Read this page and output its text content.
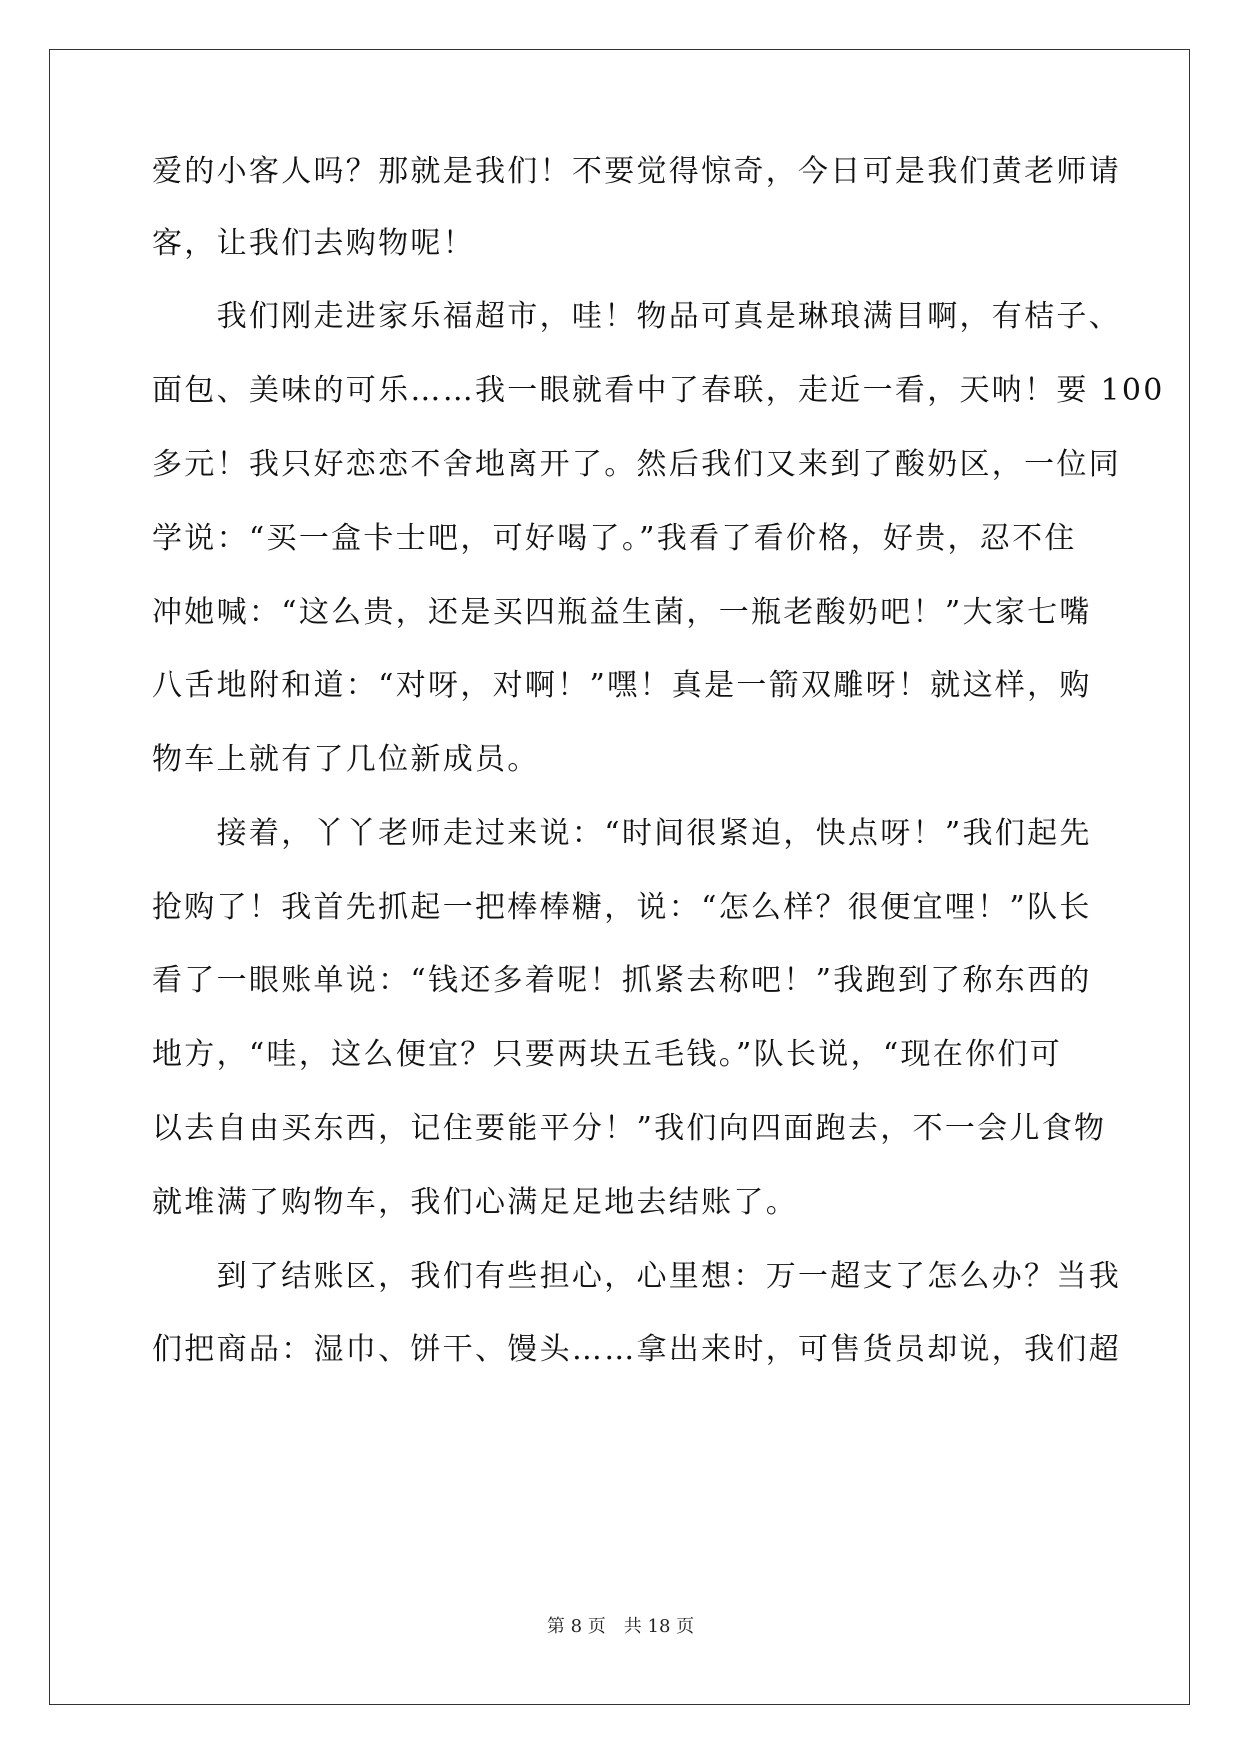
爱的小客人吗？那就是我们！不要觉得惊奇，今日可是我们黄老师请
客，让我们去购物呢！
　　我们刚走进家乐福超市，哇！物品可真是琳琅满目啊，有桔子、
面包、美味的可乐……我一眼就看中了春联，走近一看，天呐！要 100
多元！我只好恋恋不舍地离开了。然后我们又来到了酸奶区，一位同
学说：“买一盒卡士吧，可好喝了。”我看了看价格，好贵，忍不住
冲她喊：“这么贵，还是买四瓶益生菌，一瓶老酸奶吧！”大家七嘴
八舌地附和道：“对呀，对啊！”嘿！真是一箭双雕呀！就这样，购
物车上就有了几位新成员。
　　接着，丫丫老师走过来说：“时间很紧迫，快点呀！”我们起先
抢购了！我首先抓起一把棒棒糖，说：“怎么样？很便宜哩！”队长
看了一眼账单说：“钱还多着呢！抓紧去称吧！”我跑到了称东西的
地方，“哇，这么便宜？只要两块五毛钱。”队长说，“现在你们可
以去自由买东西，记住要能平分！”我们向四面跑去，不一会儿食物
就堆满了购物车，我们心满足足地去结账了。
　　到了结账区，我们有些担心，心里想：万一超支了怎么办？当我
们把商品：湿巾、饼干、馒头……拿出来时，可售货员却说，我们超
第 8 页 共 18 页
